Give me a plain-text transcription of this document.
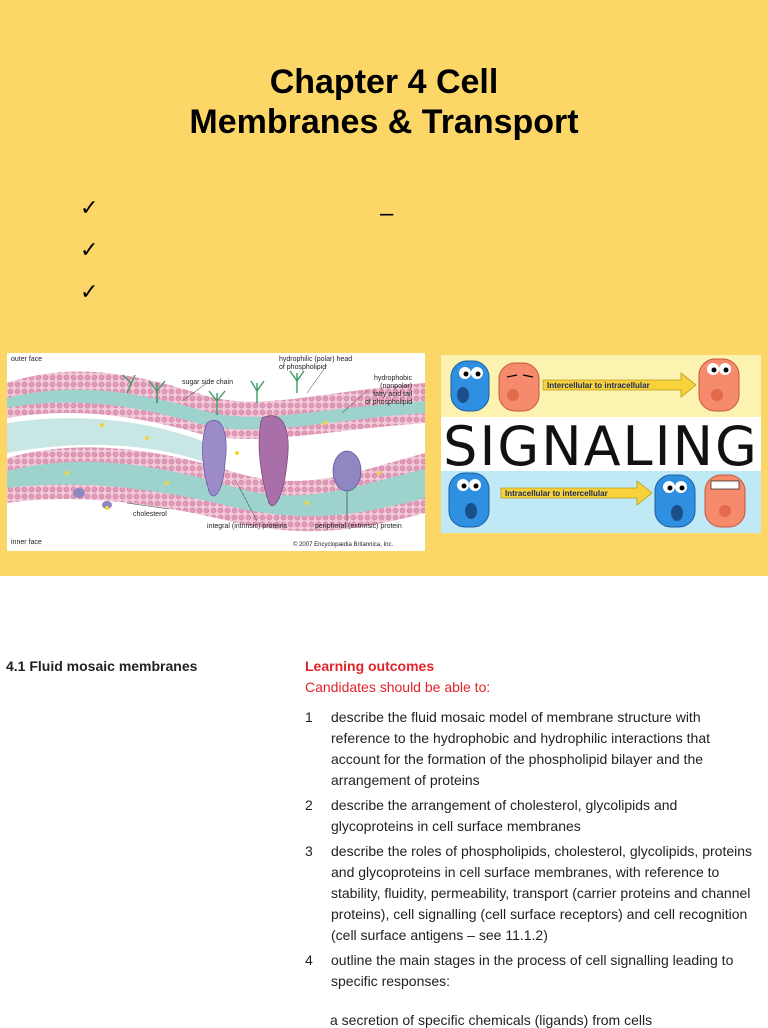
Chapter 4 Cell
Membranes & Transport
✓
✓
✓
–
outer face
sugar side chain
hydrophilic (polar) head
of phospholipid
hydrophobic
(nonpolar)
fatty acid tail
of phospholipid
cholesterol
integral (intrinsic) proteins	peripheral (extrinsic) protein
inner face	© 2007 Encyclopædia Britannica, Inc.
Intercellular to intracellular
SIGNALING
Intracellular to intercellular
4.1 Fluid mosaic membranes	Learning outcomes
Candidates should be able to:
1	describe the fluid mosaic model of membrane structure with reference to the hydrophobic and hydrophilic interactions that account for the formation of the phospholipid bilayer and the arrangement of proteins
2	describe the arrangement of cholesterol, glycolipids and glycoproteins in cell surface membranes
3	describe the roles of phospholipids, cholesterol, glycolipids, proteins and glycoproteins in cell surface membranes, with reference to stability, fluidity, permeability, transport (carrier proteins and channel proteins), cell signalling (cell surface receptors) and cell recognition (cell surface antigens – see 11.1.2)
4	outline the main stages in the process of cell signalling leading to specific responses:
a secretion of specific chemicals (ligands) from cells
